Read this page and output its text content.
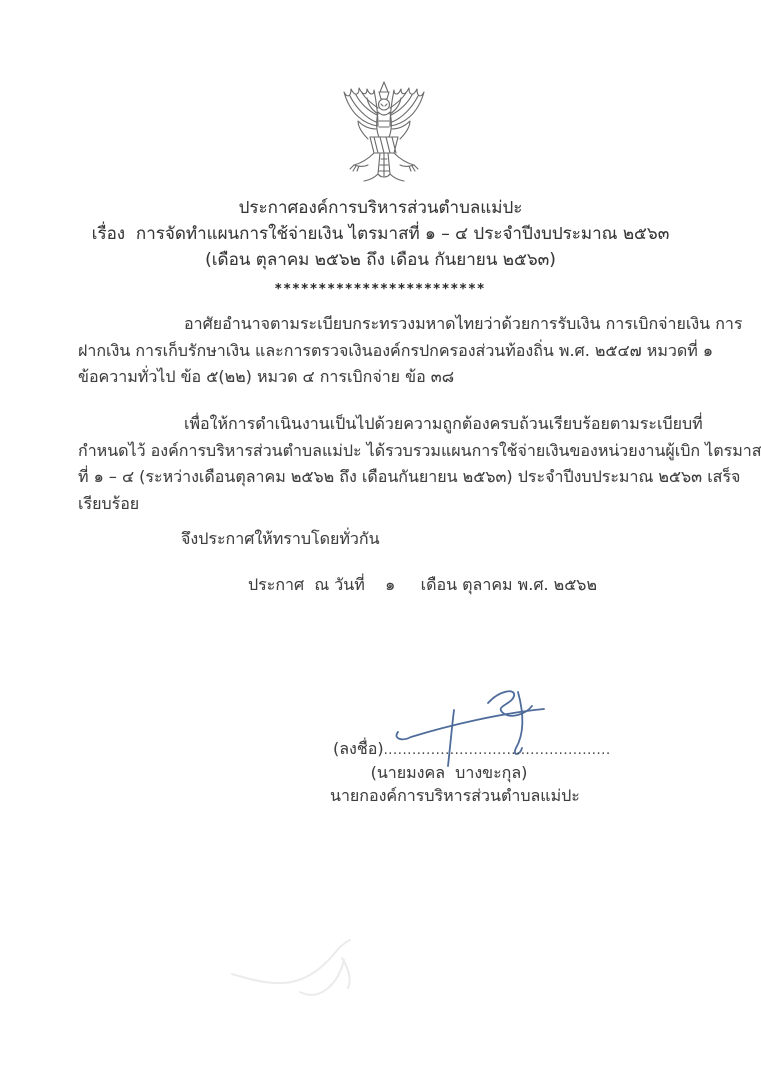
ประกาศองค์การบริหารส่วนตำบลแม่ปะ
เรื่อง  การจัดทำแผนการใช้จ่ายเงิน ไตรมาสที่ ๑ – ๔ ประจำปีงบประมาณ ๒๕๖๓
(เดือน ตุลาคม ๒๕๖๒ ถึง เดือน กันยายน ๒๕๖๓)
************************
อาศัยอำนาจตามระเบียบกระทรวงมหาดไทยว่าด้วยการรับเงิน การเบิกจ่ายเงิน การ
ฝากเงิน การเก็บรักษาเงิน และการตรวจเงินองค์กรปกครองส่วนท้องถิ่น พ.ศ. ๒๕๔๗ หมวดที่ ๑
ข้อความทั่วไป ข้อ ๕(๒๒) หมวด ๔ การเบิกจ่าย ข้อ ๓๘
เพื่อให้การดำเนินงานเป็นไปด้วยความถูกต้องครบถ้วนเรียบร้อยตามระเบียบที่
กำหนดไว้ องค์การบริหารส่วนตำบลแม่ปะ ได้รวบรวมแผนการใช้จ่ายเงินของหน่วยงานผู้เบิก ไตรมาส
ที่ ๑ – ๔ (ระหว่างเดือนตุลาคม ๒๕๖๒ ถึง เดือนกันยายน ๒๕๖๓) ประจำปีงบประมาณ ๒๕๖๓ เสร็จ
เรียบร้อย
จึงประกาศให้ทราบโดยทั่วกัน
ประกาศ  ณ วันที่    ๑     เดือน ตุลาคม พ.ศ. ๒๕๖๒
(ลงชื่อ)................................................
(นายมงคล  บางขะกุล)
นายกองค์การบริหารส่วนตำบลแม่ปะ
